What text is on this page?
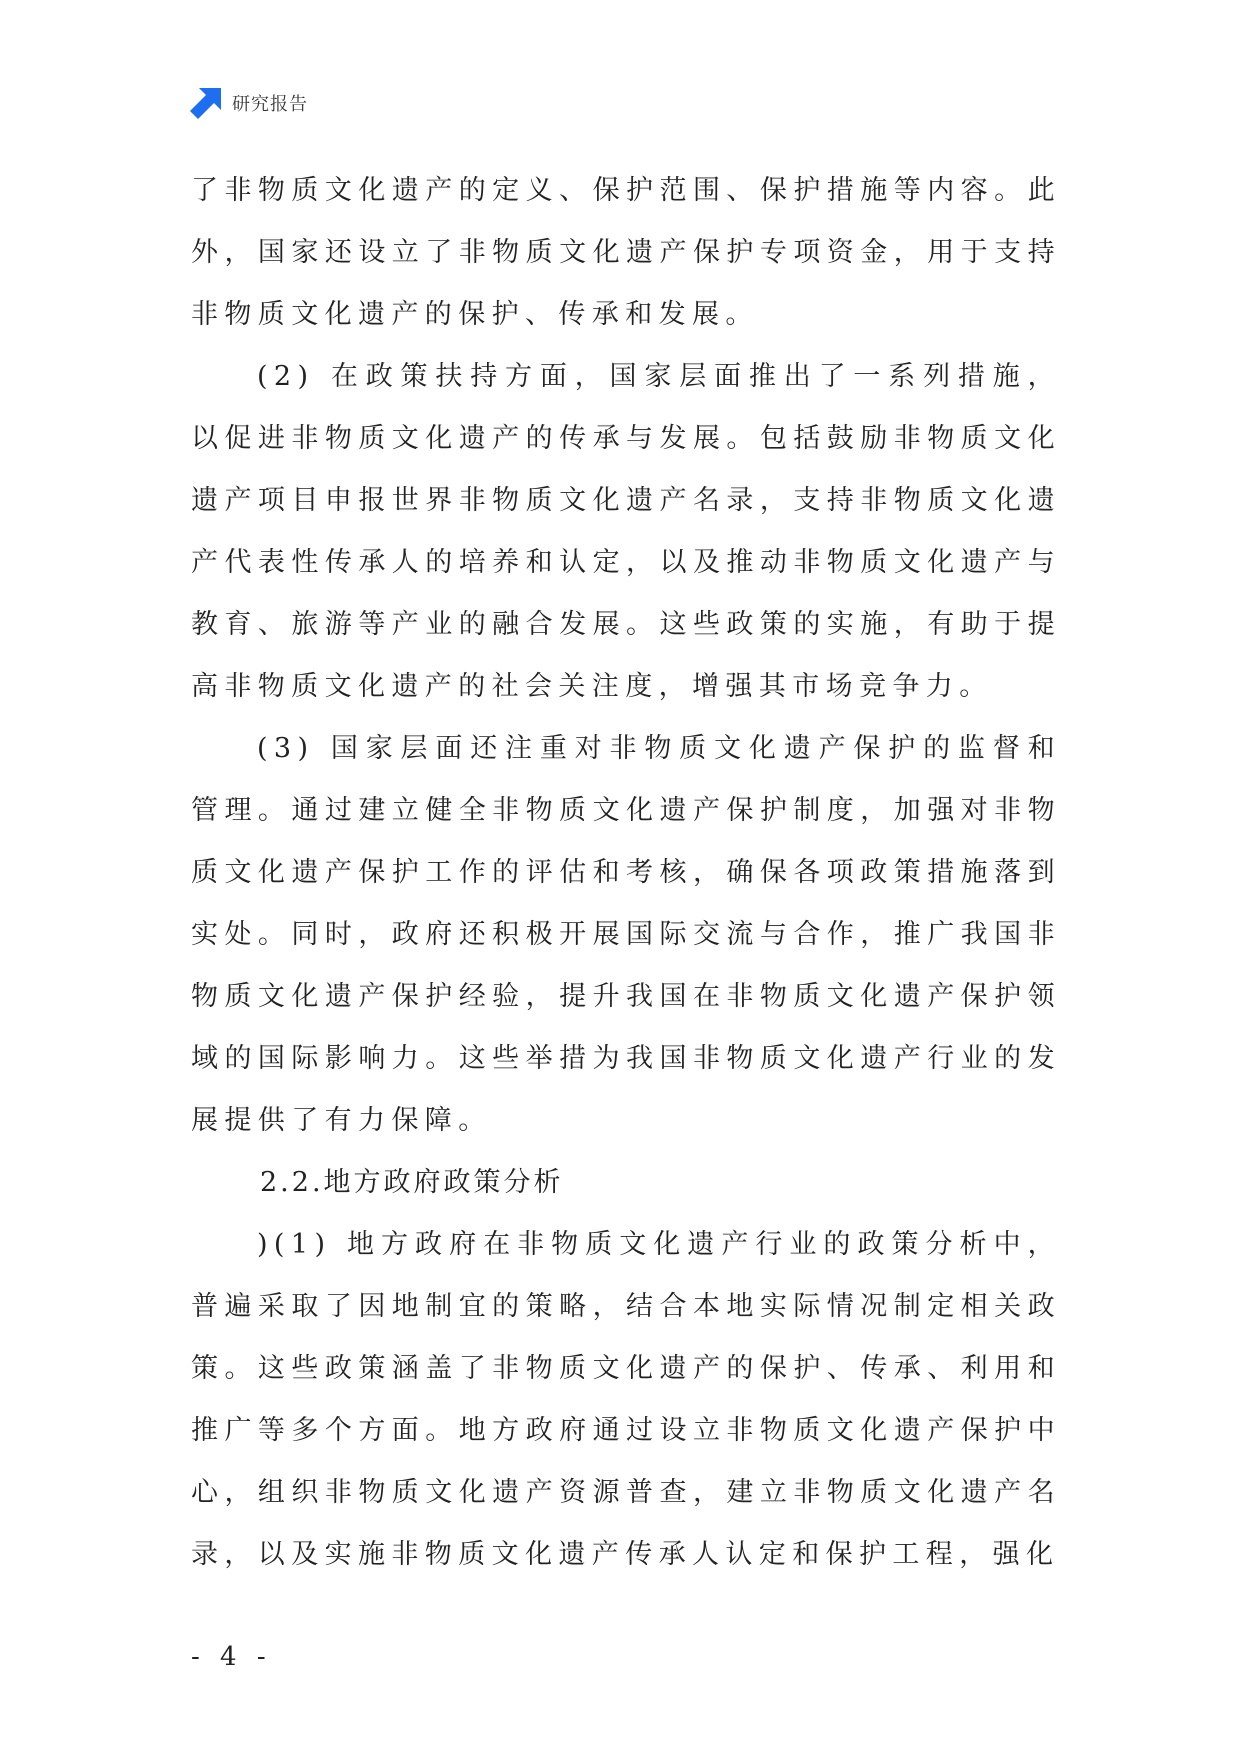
研究报告

了非物质文化遗产的定义、保护范围、保护措施等内容。此外，国家还设立了非物质文化遗产保护专项资金，用于支持非物质文化遗产的保护、传承和发展。

(2) 在政策扶持方面，国家层面推出了一系列措施，以促进非物质文化遗产的传承与发展。包括鼓励非物质文化遗产项目申报世界非物质文化遗产名录，支持非物质文化遗产代表性传承人的培养和认定，以及推动非物质文化遗产与教育、旅游等产业的融合发展。这些政策的实施，有助于提高非物质文化遗产的社会关注度，增强其市场竞争力。

(3) 国家层面还注重对非物质文化遗产保护的监督和管理。通过建立健全非物质文化遗产保护制度，加强对非物质文化遗产保护工作的评估和考核，确保各项政策措施落到实处。同时，政府还积极开展国际交流与合作，推广我国非物质文化遗产保护经验，提升我国在非物质文化遗产保护领域的国际影响力。这些举措为我国非物质文化遗产行业的发展提供了有力保障。

2.2.地方政府政策分析

)(1) 地方政府在非物质文化遗产行业的政策分析中，普遍采取了因地制宜的策略，结合本地实际情况制定相关政策。这些政策涵盖了非物质文化遗产的保护、传承、利用和推广等多个方面。地方政府通过设立非物质文化遗产保护中心，组织非物质文化遗产资源普查，建立非物质文化遗产名录，以及实施非物质文化遗产传承人认定和保护工程，强化

- 4 -
